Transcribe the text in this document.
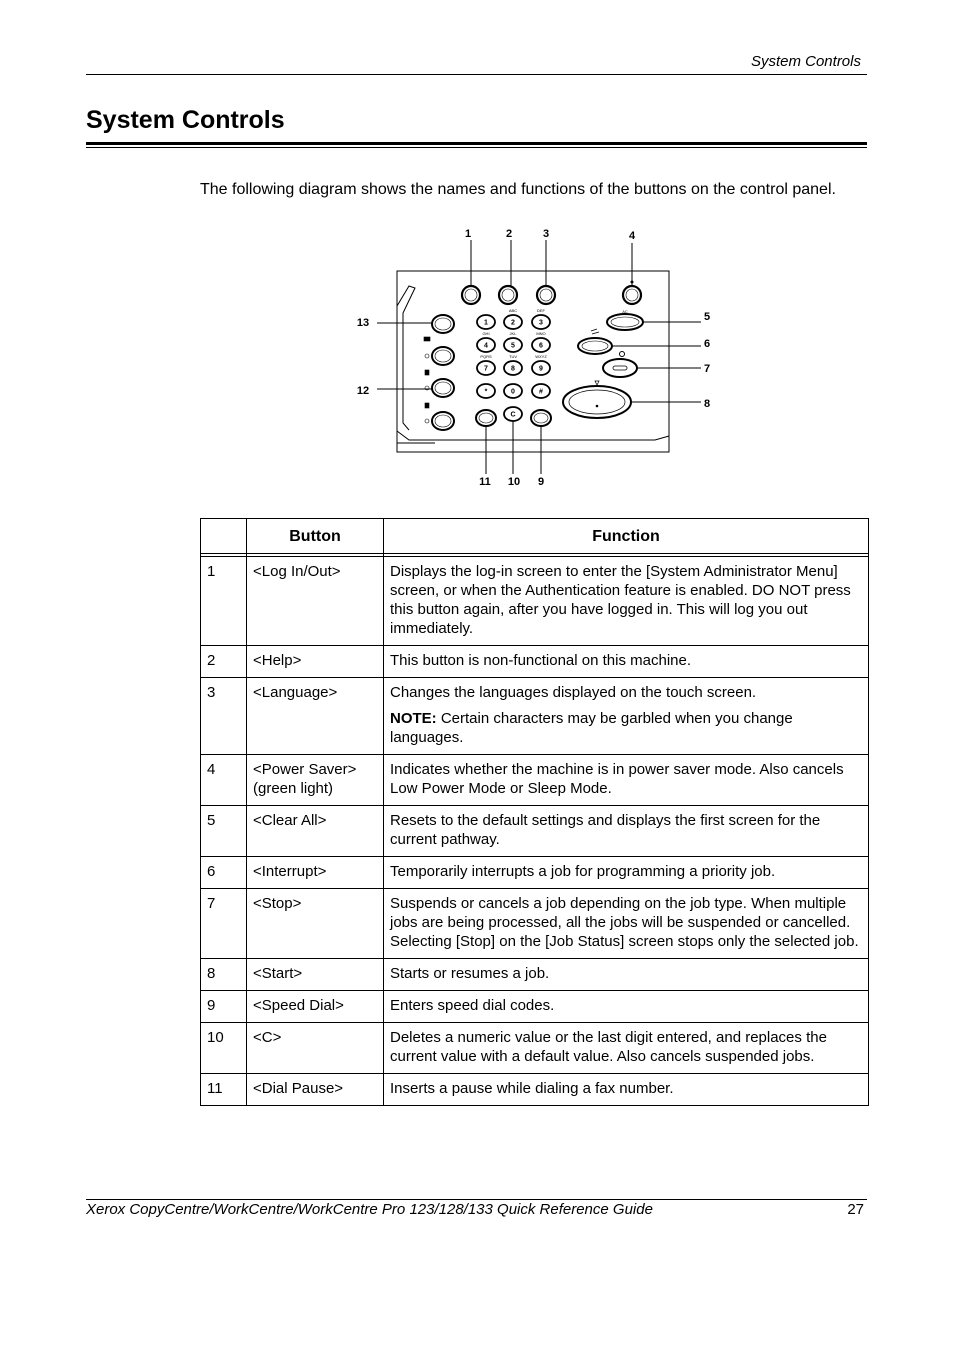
System Controls
System Controls

The following diagram shows the names and functions of the buttons on the control panel.

1	2	3
4	5	6
7	8	9
*	0	#
ABC	DEF
GHI	JKL	MNO
PQRS	TUV	WXYZ
C
AC
1	2	3	4
5
6
7
8
9
10
11
12
13
	Button	Function

1	<Log In/Out>	Displays the log-in screen to enter the [System Administrator Menu] screen, or when the Authentication feature is enabled. DO NOT press this button again, after you have logged in. This will log you out immediately.
2	<Help>	This button is non-functional on this machine.
3	<Language>	Changes the languages displayed on the touch screen.
NOTE: Certain characters may be garbled when you change languages.

4	<Power Saver> (green light)	Indicates whether the machine is in power saver mode. Also cancels Low Power Mode or Sleep Mode.
5	<Clear All>	Resets to the default settings and displays the first screen for the current pathway.
6	<Interrupt>	Temporarily interrupts a job for programming a priority job.
7	<Stop>	Suspends or cancels a job depending on the job type. When multiple jobs are being processed, all the jobs will be suspended or cancelled. Selecting [Stop] on the [Job Status] screen stops only the selected job.
8	<Start>	Starts or resumes a job.
9	<Speed Dial>	Enters speed dial codes.
10	<C>	Deletes a numeric value or the last digit entered, and replaces the current value with a default value. Also cancels suspended jobs.
11	<Dial Pause>	Inserts a pause while dialing a fax number.
Xerox CopyCentre/WorkCentre/WorkCentre Pro 123/128/133 Quick Reference Guide	27
